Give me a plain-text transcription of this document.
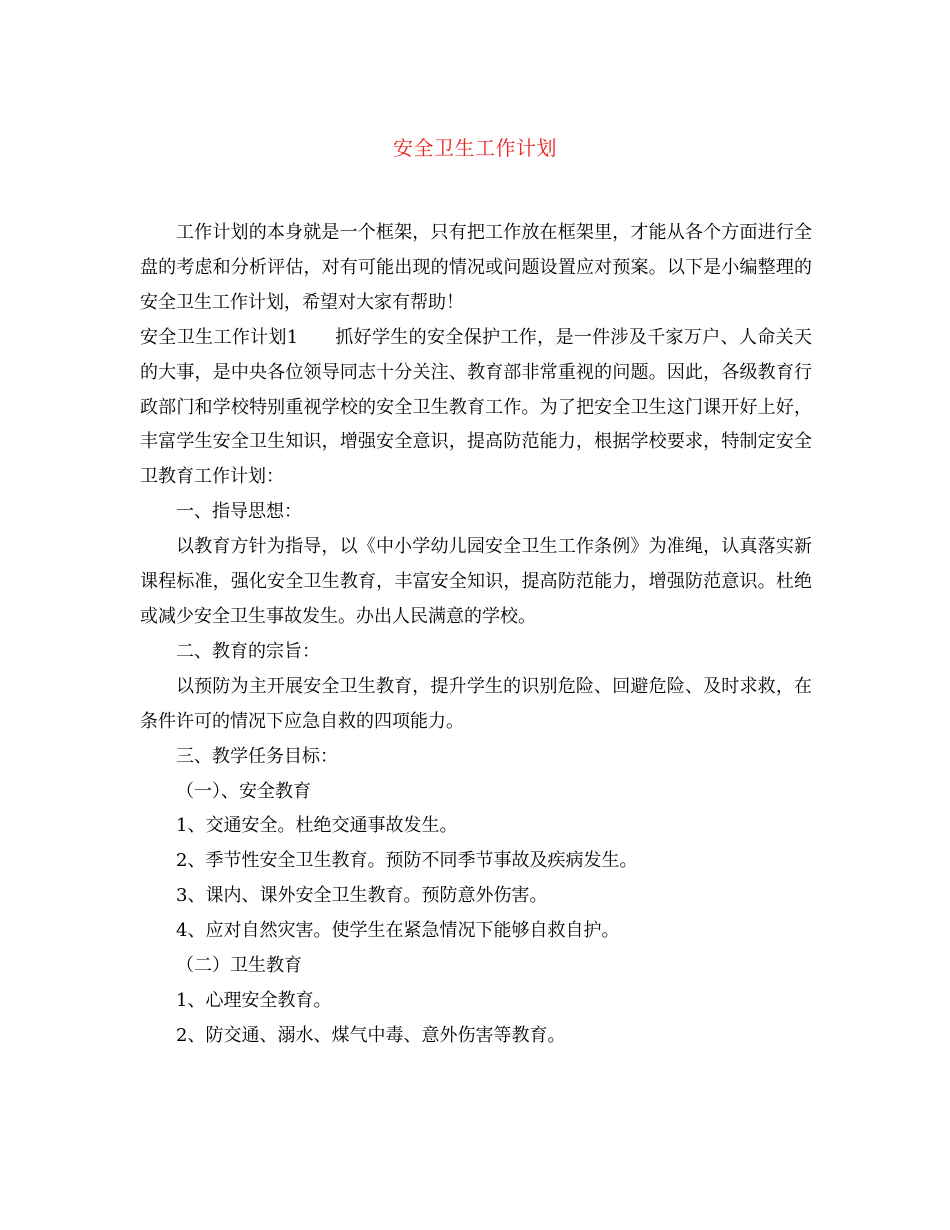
安全卫生工作计划

工作计划的本身就是一个框架，只有把工作放在框架里，才能从各个方面进行全盘的考虑和分析评估，对有可能出现的情况或问题设置应对预案。以下是小编整理的安全卫生工作计划，希望对大家有帮助！

安全卫生工作计划1　　抓好学生的安全保护工作，是一件涉及千家万户、人命关天的大事，是中央各位领导同志十分关注、教育部非常重视的问题。因此，各级教育行政部门和学校特别重视学校的安全卫生教育工作。为了把安全卫生这门课开好上好，丰富学生安全卫生知识，增强安全意识，提高防范能力，根据学校要求，特制定安全卫教育工作计划：

一、指导思想：

以教育方针为指导，以《中小学幼儿园安全卫生工作条例》为准绳，认真落实新课程标准，强化安全卫生教育，丰富安全知识，提高防范能力，增强防范意识。杜绝或减少安全卫生事故发生。办出人民满意的学校。

二、教育的宗旨：

以预防为主开展安全卫生教育，提升学生的识别危险、回避危险、及时求救，在条件许可的情况下应急自救的四项能力。

三、教学任务目标：

（一）、安全教育

1、交通安全。杜绝交通事故发生。

2、季节性安全卫生教育。预防不同季节事故及疾病发生。

3、课内、课外安全卫生教育。预防意外伤害。

4、应对自然灾害。使学生在紧急情况下能够自救自护。

（二）卫生教育

1、心理安全教育。

2、防交通、溺水、煤气中毒、意外伤害等教育。
